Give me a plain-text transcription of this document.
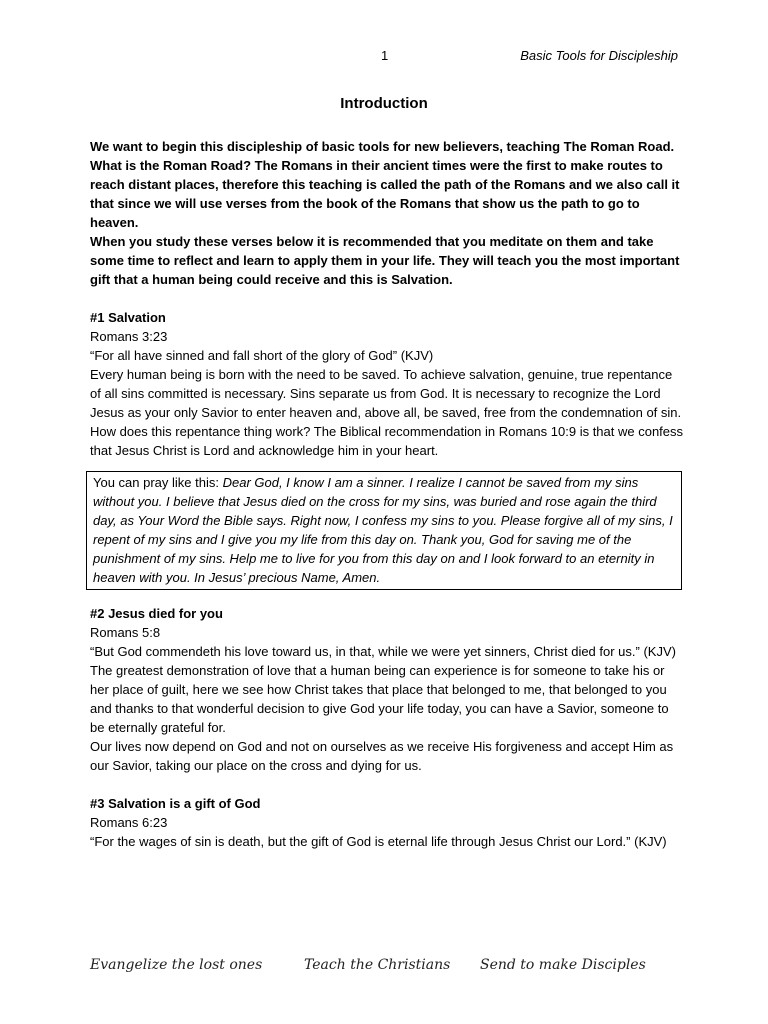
1	Basic Tools for Discipleship
Introduction

We want to begin this discipleship of basic tools for new believers, teaching The Roman Road. What is the Roman Road? The Romans in their ancient times were the first to make routes to reach distant places, therefore this teaching is called the path of the Romans and we also call it that since we will use verses from the book of the Romans that show us the path to go to heaven.

When you study these verses below it is recommended that you meditate on them and take some time to reflect and learn to apply them in your life. They will teach you the most important gift that a human being could receive and this is Salvation.

#1 Salvation

Romans 3:23

“For all have sinned and fall short of the glory of God” (KJV)

Every human being is born with the need to be saved. To achieve salvation, genuine, true repentance of all sins committed is necessary. Sins separate us from God. It is necessary to recognize the Lord Jesus as your only Savior to enter heaven and, above all, be saved, free from the condemnation of sin.

How does this repentance thing work? The Biblical recommendation in Romans 10:9 is that we confess that Jesus Christ is Lord and acknowledge him in your heart.

You can pray like this: Dear God, I know I am a sinner. I realize I cannot be saved from my sins without you. I believe that Jesus died on the cross for my sins, was buried and rose again the third day, as Your Word the Bible says. Right now, I confess my sins to you. Please forgive all of my sins, I repent of my sins and I give you my life from this day on. Thank you, God for saving me of the punishment of my sins. Help me to live for you from this day on and I look forward to an eternity in heaven with you. In Jesus’ precious Name, Amen.

#2 Jesus died for you

Romans 5:8

“But God commendeth his love toward us, in that, while we were yet sinners, Christ died for us.” (KJV)

The greatest demonstration of love that a human being can experience is for someone to take his or her place of guilt, here we see how Christ takes that place that belonged to me, that belonged to you and thanks to that wonderful decision to give God your life today, you can have a Savior, someone to be eternally grateful for.

Our lives now depend on God and not on ourselves as we receive His forgiveness and accept Him as our Savior, taking our place on the cross and dying for us.

#3 Salvation is a gift of God

Romans 6:23

“For the wages of sin is death, but the gift of God is eternal life through Jesus Christ our Lord.” (KJV)

Evangelize the lost ones	Teach the Christians Send to make Disciples
